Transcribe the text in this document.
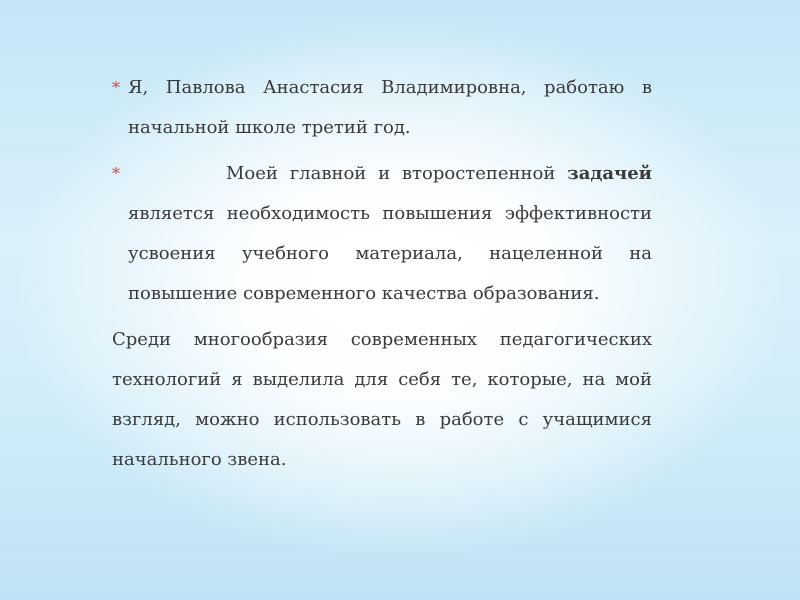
* Я, Павлова Анастасия Владимировна, работаю в
начальной школе третий год.
*	Моей главной и второстепенной задачей
является необходимость повышения эффективности усвоения учебного материала, нацеленной на повышение современного качества образования.

Среди многообразия современных педагогических технологий я выделила для себя те, которые, на мой взгляд, можно использовать в работе с учащимися начального звена.
